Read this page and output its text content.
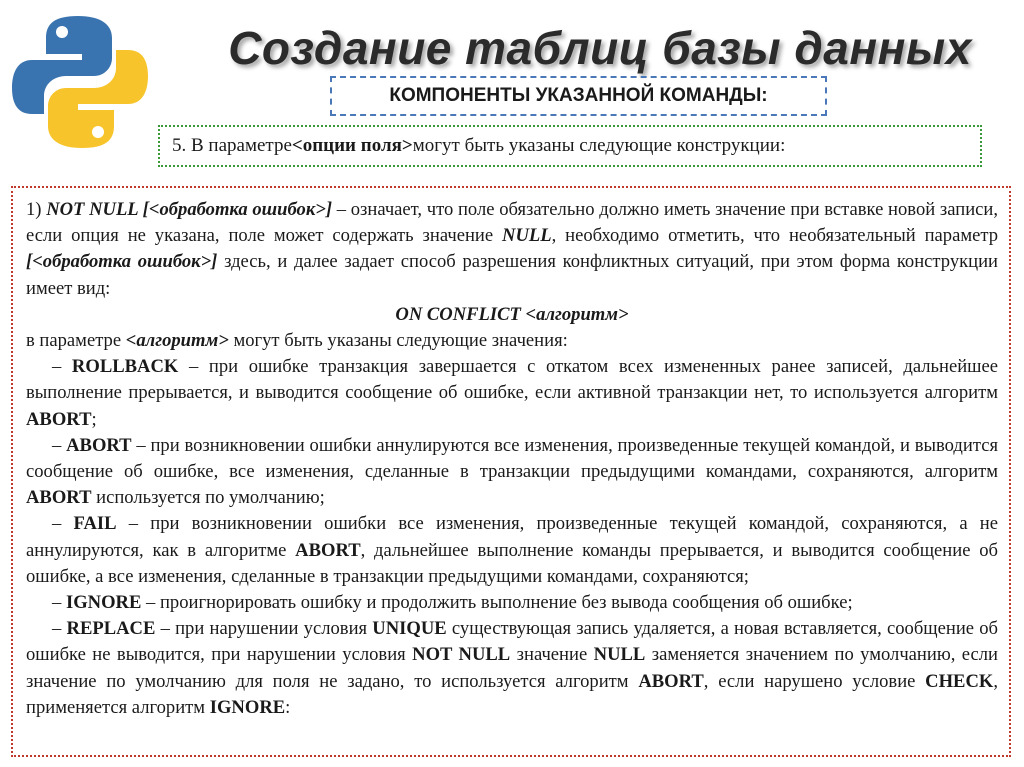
Создание таблиц базы данных
КОМПОНЕНТЫ УКАЗАННОЙ КОМАНДЫ:
5. В параметре <опции поля> могут быть указаны следующие конструкции:

1) NOT NULL [<обработка ошибок>] – означает, что поле обязательно должно иметь значение при вставке новой записи, если опция не указана, поле может содержать значение NULL, необходимо отметить, что необязательный параметр [<обработка ошибок>] здесь, и далее задает способ разрешения конфликтных ситуаций, при этом форма конструкции имеет вид:

ON CONFLICT <алгоритм>

в параметре <алгоритм> могут быть указаны следующие значения:

– ROLLBACK – при ошибке транзакция завершается с откатом всех измененных ранее записей, дальнейшее выполнение прерывается, и выводится сообщение об ошибке, если активной транзакции нет, то используется алгоритм ABORT;

– ABORT – при возникновении ошибки аннулируются все изменения, произведенные текущей командой, и выводится сообщение об ошибке, все изменения, сделанные в транзакции предыдущими командами, сохраняются, алгоритм ABORT используется по умолчанию;

– FAIL – при возникновении ошибки все изменения, произведенные текущей командой, сохраняются, а не аннулируются, как в алгоритме ABORT, дальнейшее выполнение команды прерывается, и выводится сообщение об ошибке, а все изменения, сделанные в транзакции предыдущими командами, сохраняются;

– IGNORE – проигнорировать ошибку и продолжить выполнение без вывода сообщения об ошибке;

– REPLACE – при нарушении условия UNIQUE существующая запись удаляется, а новая вставляется, сообщение об ошибке не выводится, при нарушении условия NOT NULL значение NULL заменяется значением по умолчанию, если значение по умолчанию для поля не задано, то используется алгоритм ABORT, если нарушено условие CHECK, применяется алгоритм IGNORE:
